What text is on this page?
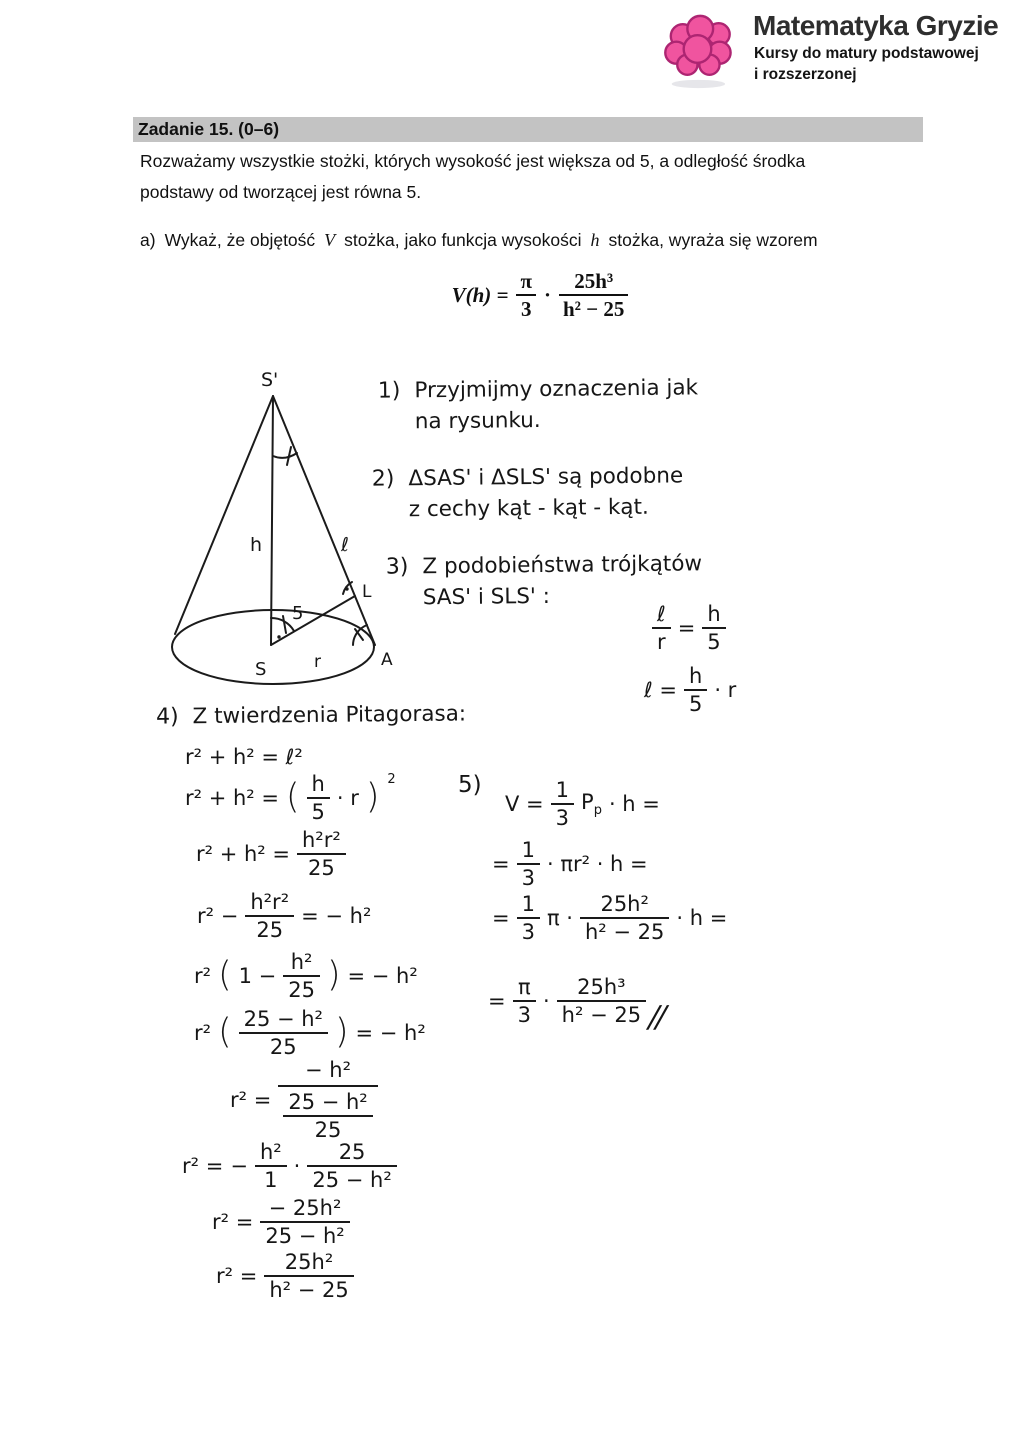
Matematyka Gryzie
Kursy do matury podstawowej
i rozszerzonej
Zadanie 15. (0–6)
Rozważamy wszystkie stożki, których wysokość jest większa od 5, a odległość środka
podstawy od tworzącej jest równa 5.
a) Wykaż, że objętość V stożka, jako funkcja wysokości h stożka, wyraża się wzorem
$V(h) = \frac{\pi}{3} \cdot \frac{\text{25h³}}{\text{h² − 25}}$
S'
h	ℓ
L
5
S	r	A
1) Przyjmijmy oznaczenia jak
na rysunku.
2) ΔSAS' i ΔSLS' są podobne
z cechy kąt - kąt - kąt.
3) Z podobieństwa trójkątów
SAS' i SLS' :
$\frac{\text{ℓ}}{r} = \frac{h}{5}$
ℓ = $\frac{h}{5} \cdot r$
4) Z twierdzenia Pitagorasa:
r² + h² = ℓ²
r² + h² = ( $\frac{h}{5} \cdot r$ ) 2
$r^2 + h^2 = \frac{\text{h²r²}}{25}$
$r^2 - \frac{\text{h²r²}}{25}$ = − h²
r² ( $1 - \frac{\text{h²}}{25}$ ) = − h²
r² ( $\frac{\text{25 − h²}}{25}$ ) = − h²
$r^2 = \frac{\text{− h²}}{\frac{\text{25 − h²}}{25}}$
r² = − $\frac{\text{h²}}{1} \cdot \frac{25}{\text{25 − h²}}$
$r^2 = \frac{\text{− 25h²}}{\text{25 − h²}}$
$r^2 = \frac{\text{25h²}}{\text{h² − 25}}$
5)
$V = \frac{1}{3} P_p \cdot h$ =
= $\frac{1}{3} \cdot \pi r^2 \cdot h$ =
= $\frac{1}{3}$ $\pi \cdot \frac{\text{25h²}}{\text{h² − 25}} \cdot h$ =
= $\frac{\pi}{3} \cdot \frac{\text{25h³}}{\text{h² − 25}}$
//
